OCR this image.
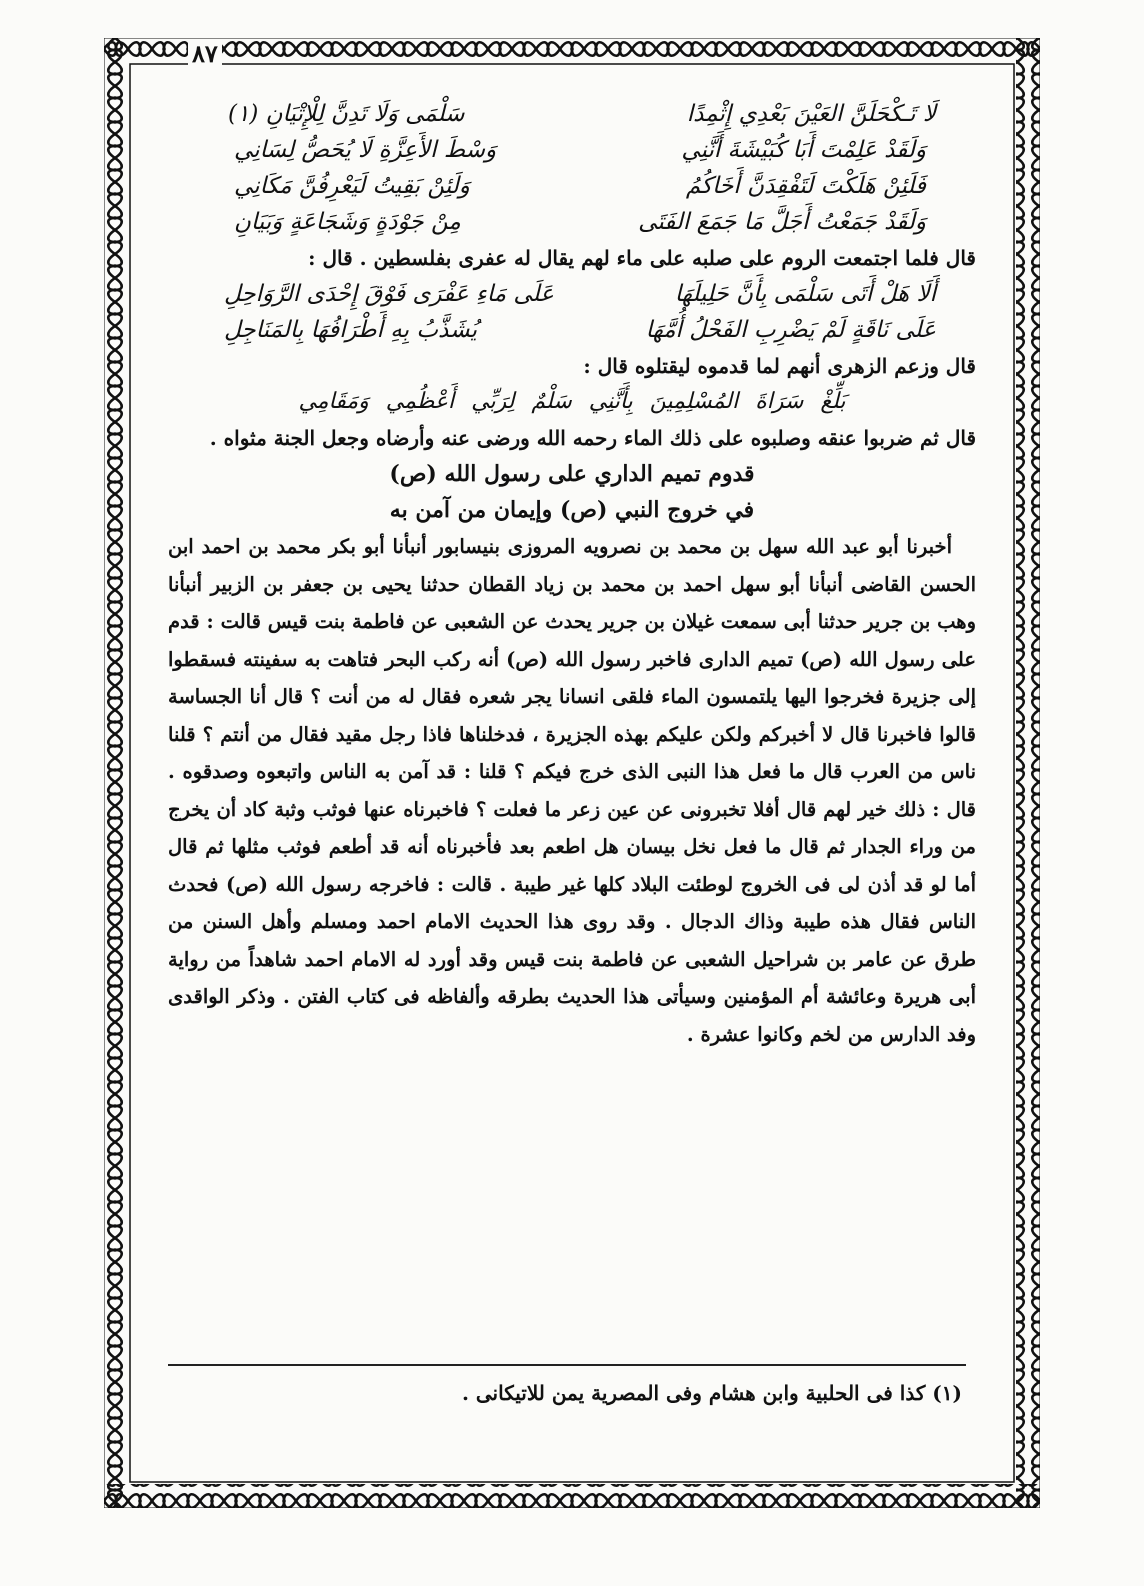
٨٧
لَا تَـكْحَلَنَّ العَيْنَ بَعْدِي إِثْمِدًا
سَلْمَى وَلَا تَدِنَّ لِلْإِتْيَانِ (١)
وَلَقَدْ عَلِمْتَ أَبَا كُبَيْشَةَ أَنَّنِي
وَسْطَ الأَعِزَّةِ لَا يُحَصُّ لِسَانِي
فَلَئِنْ هَلَكْتَ لَتَفْقِدَنَّ أَخَاكُمُ
وَلَئِنْ بَقِيتُ لَيَعْرِفُنَّ مَكَانِي
وَلَقَدْ جَمَعْتُ أَجَلَّ مَا جَمَعَ الفَتَى
مِنْ جَوْدَةٍ وَشَجَاعَةٍ وَبَيَانِ
قال فلما اجتمعت الروم على صلبه على ماء لهم يقال له عفرى بفلسطين . قال :
أَلَا هَلْ أَتَى سَلْمَى بِأَنَّ حَلِيلَهَا
عَلَى مَاءِ عَفْرَى فَوْقَ إِحْدَى الرَّوَاحِلِ
عَلَى نَاقَةٍ لَمْ يَضْرِبِ الفَحْلُ أُمَّهَا
يُشَذَّبُ بِهِ أَطْرَافُهَا بِالمَنَاجِلِ
قال وزعم الزهرى أنهم لما قدموه ليقتلوه قال :
بَلِّغْ سَرَاةَ المُسْلِمِينَ بِأَنَّنِي سَلْمٌ لِرَبِّي أَعْظُمِي وَمَقَامِي
قال ثم ضربوا عنقه وصلبوه على ذلك الماء رحمه الله ورضى عنه وأرضاه وجعل الجنة مثواه .
قدوم تميم الداري على رسول الله (ص)
في خروج النبي (ص) وإيمان من آمن به

أخبرنا أبو عبد الله سهل بن محمد بن نصرويه المروزى بنيسابور أنبأنا أبو بكر محمد بن احمد ابن الحسن القاضى أنبأنا أبو سهل احمد بن محمد بن زياد القطان حدثنا يحيى بن جعفر بن الزبير أنبأنا وهب بن جرير حدثنا أبى سمعت غيلان بن جرير يحدث عن الشعبى عن فاطمة بنت قيس قالت : قدم على رسول الله (ص) تميم الدارى فاخبر رسول الله (ص) أنه ركب البحر فتاهت به سفينته فسقطوا إلى جزيرة فخرجوا اليها يلتمسون الماء فلقى انسانا يجر شعره فقال له من أنت ؟ قال أنا الجساسة قالوا فاخبرنا قال لا أخبركم ولكن عليكم بهذه الجزيرة ، فدخلناها فاذا رجل مقيد فقال من أنتم ؟ قلنا ناس من العرب قال ما فعل هذا النبى الذى خرج فيكم ؟ قلنا : قد آمن به الناس واتبعوه وصدقوه . قال : ذلك خير لهم قال أفلا تخبرونى عن عين زعر ما فعلت ؟ فاخبرناه عنها فوثب وثبة كاد أن يخرج من وراء الجدار ثم قال ما فعل نخل بيسان هل اطعم بعد فأخبرناه أنه قد أطعم فوثب مثلها ثم قال أما لو قد أذن لى فى الخروج لوطئت البلاد كلها غير طيبة . قالت : فاخرجه رسول الله (ص) فحدث الناس فقال هذه طيبة وذاك الدجال . وقد روى هذا الحديث الامام احمد ومسلم وأهل السنن من طرق عن عامر بن شراحيل الشعبى عن فاطمة بنت قيس وقد أورد له الامام احمد شاهداً من رواية أبى هريرة وعائشة أم المؤمنين وسيأتى هذا الحديث بطرقه وألفاظه فى كتاب الفتن . وذكر الواقدى وفد الدارس من لخم وكانوا عشرة .

(١) كذا فى الحلبية وابن هشام وفى المصرية يمن للاتيكانى .
